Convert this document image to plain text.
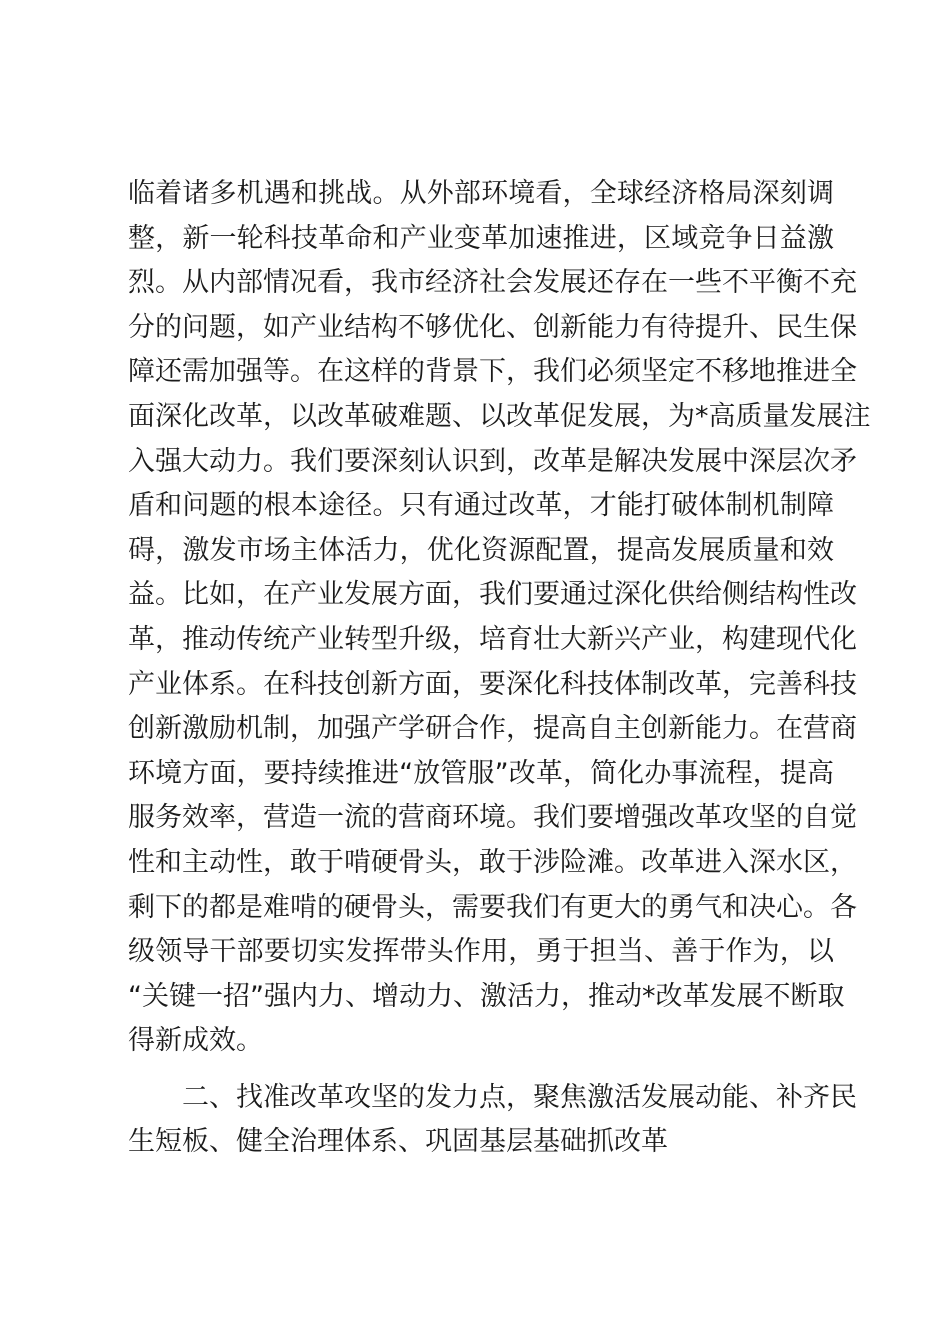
临着诸多机遇和挑战。从外部环境看，全球经济格局深刻调
整，新一轮科技革命和产业变革加速推进，区域竞争日益激
烈。从内部情况看，我市经济社会发展还存在一些不平衡不充
分的问题，如产业结构不够优化、创新能力有待提升、民生保
障还需加强等。在这样的背景下，我们必须坚定不移地推进全
面深化改革，以改革破难题、以改革促发展，为*高质量发展注
入强大动力。我们要深刻认识到，改革是解决发展中深层次矛
盾和问题的根本途径。只有通过改革，才能打破体制机制障
碍，激发市场主体活力，优化资源配置，提高发展质量和效
益。比如，在产业发展方面，我们要通过深化供给侧结构性改
革，推动传统产业转型升级，培育壮大新兴产业，构建现代化
产业体系。在科技创新方面，要深化科技体制改革，完善科技
创新激励机制，加强产学研合作，提高自主创新能力。在营商
环境方面，要持续推进“放管服”改革，简化办事流程，提高
服务效率，营造一流的营商环境。我们要增强改革攻坚的自觉
性和主动性，敢于啃硬骨头，敢于涉险滩。改革进入深水区，
剩下的都是难啃的硬骨头，需要我们有更大的勇气和决心。各
级领导干部要切实发挥带头作用，勇于担当、善于作为，以
“关键一招”强内力、增动力、激活力，推动*改革发展不断取
得新成效。
二、找准改革攻坚的发力点，聚焦激活发展动能、补齐民
生短板、健全治理体系、巩固基层基础抓改革
